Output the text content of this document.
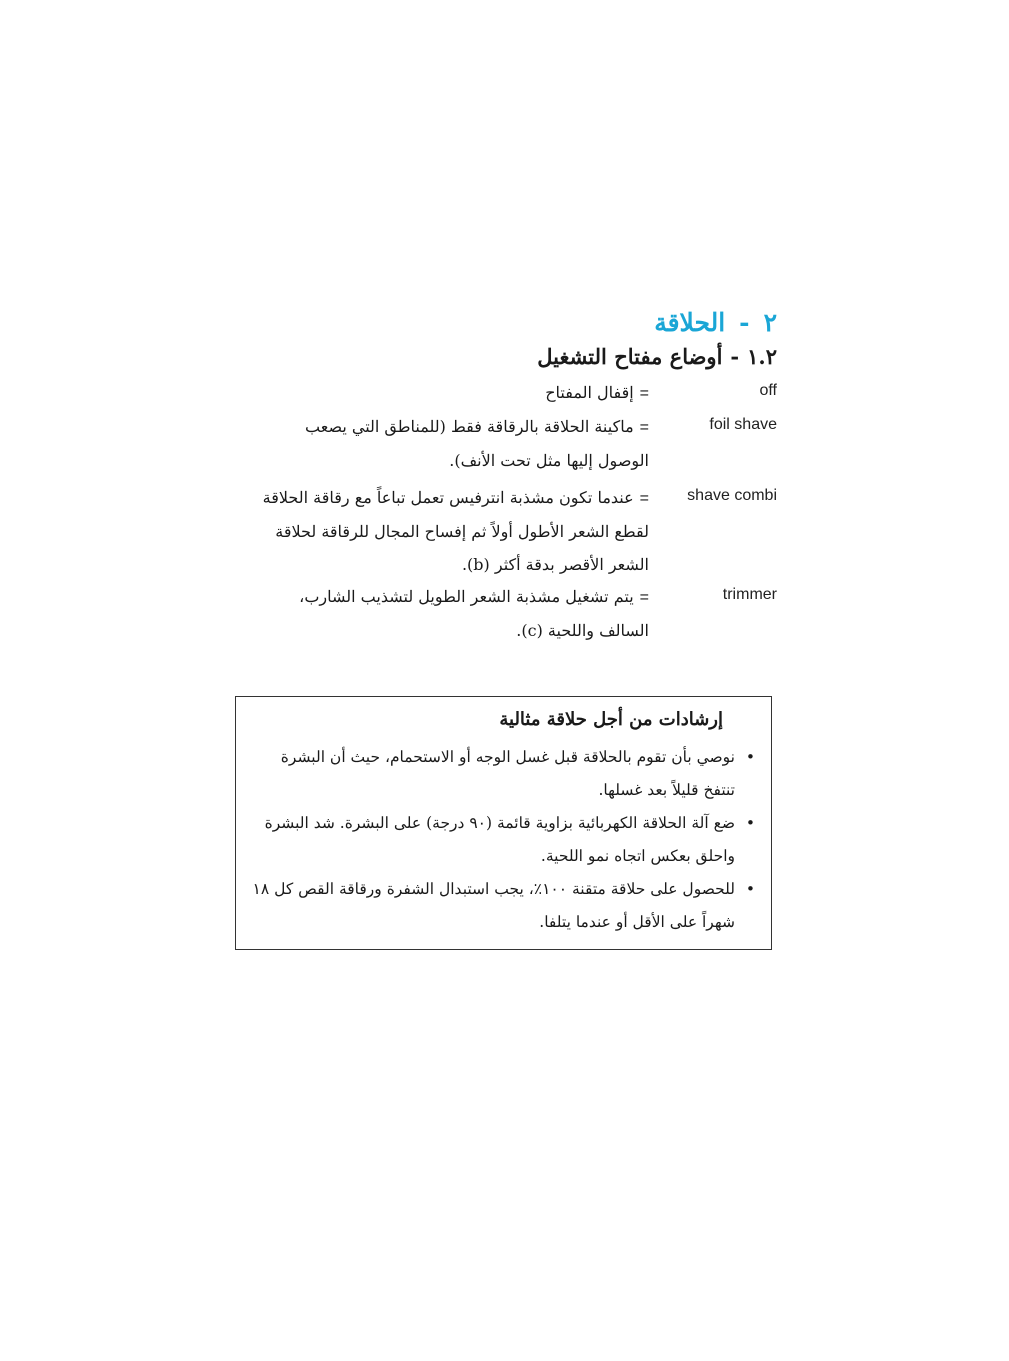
٢-الحلاقة
١.٢-أوضاع مفتاح التشغيل
off
=إقفال المفتاح
foil shave
=ماكينة الحلاقة بالرقاقة فقط (للمناطق التي يصعب الوصول إليها مثل تحت الأنف).
shave combi
=عندما تكون مشذبة انترفيس تعمل تباعاً مع رقاقة الحلاقة لقطع الشعر الأطول أولاً ثم إفساح المجال للرقاقة لحلاقة الشعر الأقصر بدقة أكثر (b).
trimmer
=يتم تشغيل مشذبة الشعر الطويل لتشذيب الشارب، السالف واللحية (c).
إرشادات من أجل حلاقة مثالية
•
نوصي بأن تقوم بالحلاقة قبل غسل الوجه أو الاستحمام، حيث أن البشرة تنتفخ قليلاً بعد غسلها.
•
ضع آلة الحلاقة الكهربائية بزاوية قائمة (٩٠ درجة) على البشرة. شد البشرة واحلق بعكس اتجاه نمو اللحية.
•
للحصول على حلاقة متقنة ١٠٠٪، يجب استبدال الشفرة ورقاقة القص كل ١٨ شهراً على الأقل أو عندما يتلفا.
